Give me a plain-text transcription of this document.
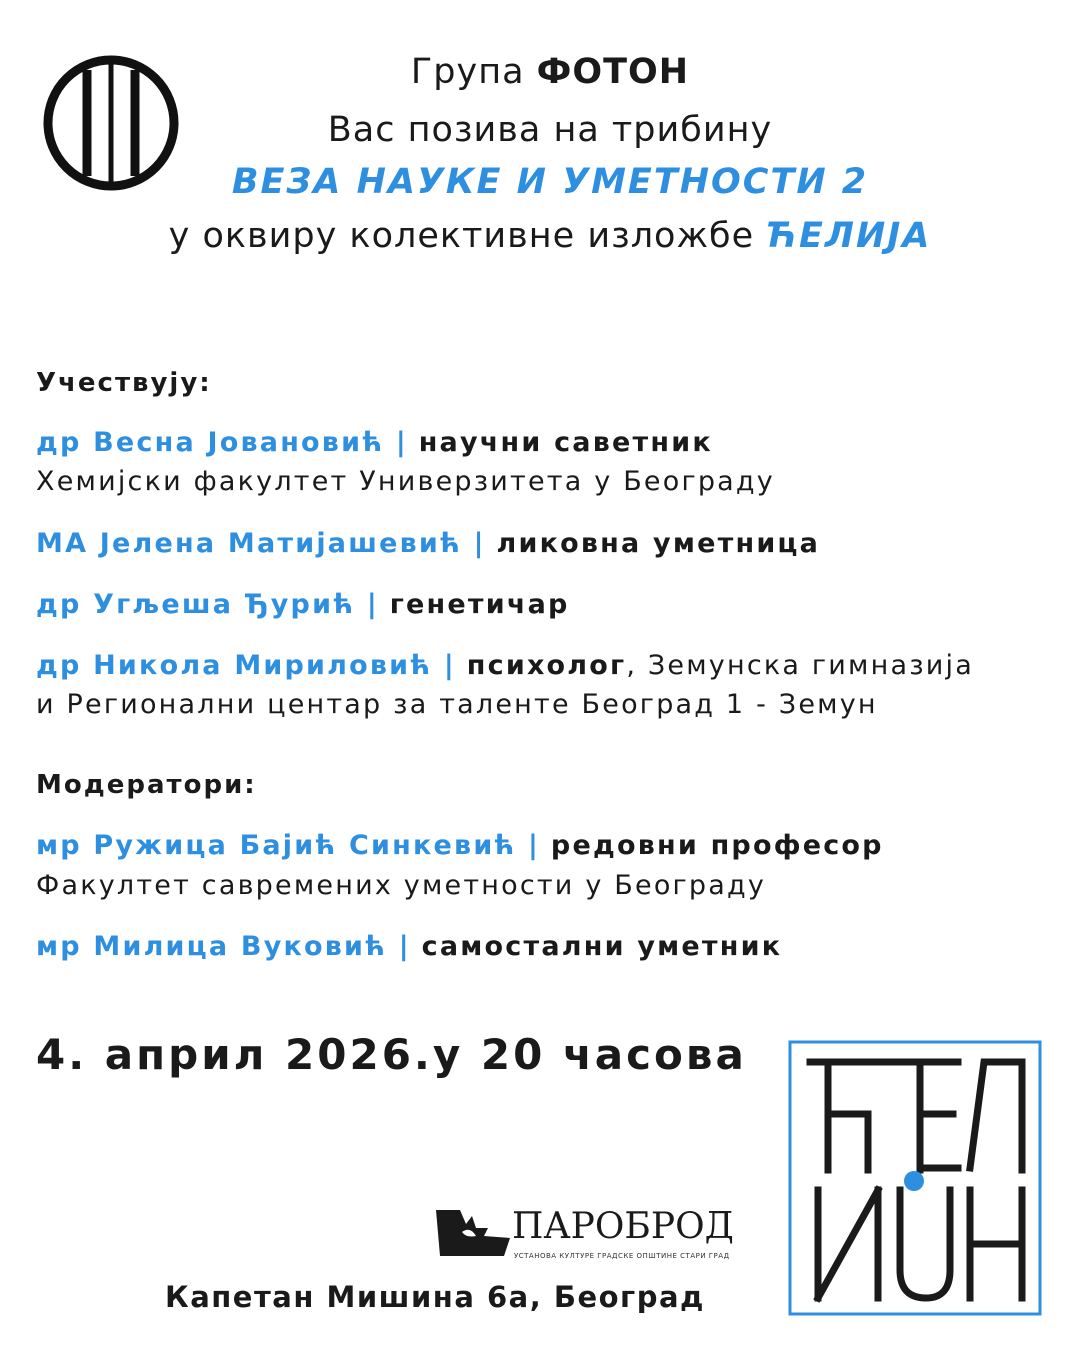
Група ФОТОН
Вас позива на трибину
ВЕЗА НАУКЕ И УМЕТНОСТИ 2
у оквиру колективне изложбе ЋЕЛИЈА
Учествују:
др Весна Јовановић | научни саветник
Хемијски факултет Универзитета у Београду
МА Јелена Матијашевић | ликовна уметница
др Угљеша Ђурић | генетичар
др Никола Мириловић | психолог, Земунска гимназија
и Регионални центар за таленте Београд 1 - Земун
Модератори:
мр Ружица Бајић Синкевић | редовни професор
Факултет савремених уметности у Београду
мр Милица Вуковић | самостални уметник
4. април 2026.у 20 часова
ПАРОБРОД
УСТАНОВА КУЛТУРЕ ГРАДСКЕ ОПШТИНЕ СТАРИ ГРАД
Капетан Мишина 6а, Београд
